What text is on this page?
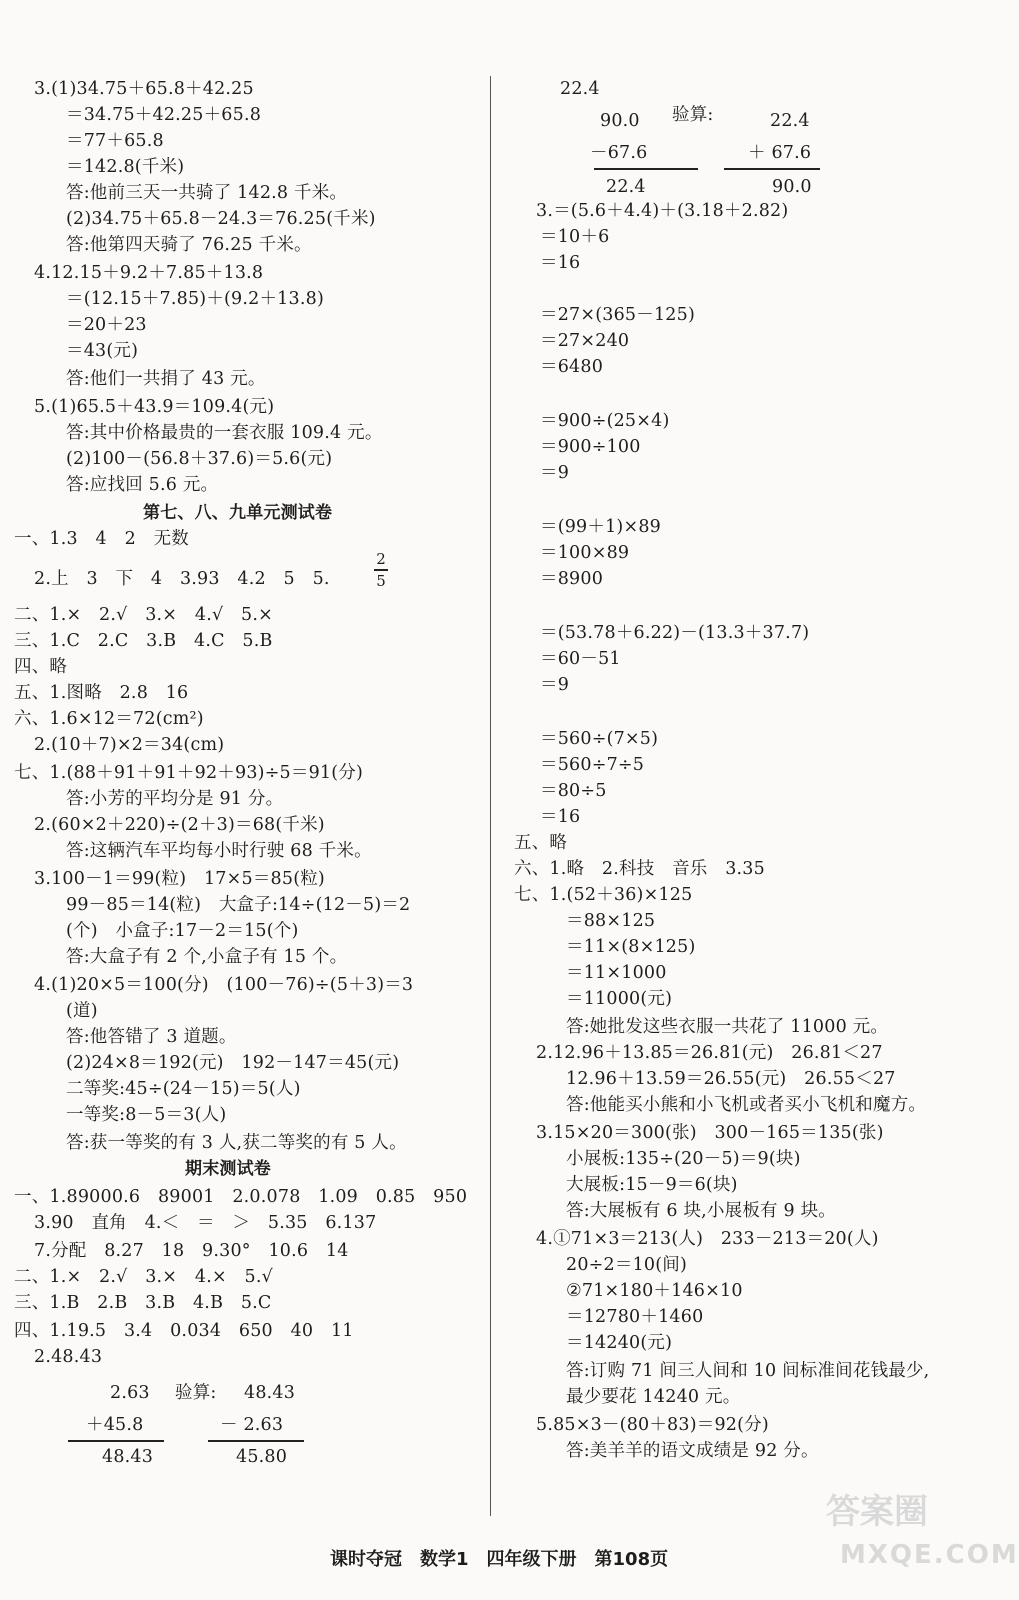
3.(1)34.75＋65.8＋42.25
＝34.75＋42.25＋65.8
＝77＋65.8
＝142.8(千米)
答:他前三天一共骑了 142.8 千米。
(2)34.75＋65.8－24.3＝76.25(千米)
答:他第四天骑了 76.25 千米。
4.12.15＋9.2＋7.85＋13.8
＝(12.15＋7.85)＋(9.2＋13.8)
＝20＋23
＝43(元)
答:他们一共捐了 43 元。
5.(1)65.5＋43.9＝109.4(元)
答:其中价格最贵的一套衣服 109.4 元。
(2)100－(56.8＋37.6)＝5.6(元)
答:应找回 5.6 元。
第七、八、九单元测试卷
一、1.3　4　2　无数
2.上　3　下　4　3.93　4.2　5　5.
二、1.×　2.√　3.×　4.√　5.×
三、1.C　2.C　3.B　4.C　5.B
四、略
五、1.图略　2.8　16
六、1.6×12＝72(cm²)
2.(10＋7)×2＝34(cm)
七、1.(88＋91＋91＋92＋93)÷5＝91(分)
答:小芳的平均分是 91 分。
2.(60×2＋220)÷(2＋3)＝68(千米)
答:这辆汽车平均每小时行驶 68 千米。
3.100－1＝99(粒)　17×5＝85(粒)
99－85＝14(粒)　大盒子:14÷(12－5)＝2
(个)　小盒子:17－2＝15(个)
答:大盒子有 2 个,小盒子有 15 个。
4.(1)20×5＝100(分)　(100－76)÷(5＋3)＝3
(道)
答:他答错了 3 道题。
(2)24×8＝192(元)　192－147＝45(元)
二等奖:45÷(24－15)＝5(人)
一等奖:8－5＝3(人)
答:获一等奖的有 3 人,获二等奖的有 5 人。
期末测试卷
一、1.89000.6　89001　2.0.078　1.09　0.85　950
3.90　直角　4.＜　＝　＞　5.35　6.137
7.分配　8.27　18　9.30°　10.6　14
二、1.×　2.√　3.×　4.×　5.√
三、1.B　2.B　3.B　4.B　5.C
四、1.19.5　3.4　0.034　650　40　11
2.48.43
2.63 验算: 48.43
＋45.8	－ 2.63
48.43	45.80
22.4
90.0 验算:	22.4
－67.6	＋ 67.6
22.4	90.0
3.＝(5.6＋4.4)＋(3.18＋2.82)
＝10＋6
＝16
＝27×(365－125)
＝27×240
＝6480
＝900÷(25×4)
＝900÷100
＝9
＝(99＋1)×89
＝100×89
＝8900
＝(53.78＋6.22)－(13.3＋37.7)
＝60－51
＝9
＝560÷(7×5)
＝560÷7÷5
＝80÷5
＝16
五、略
六、1.略　2.科技　音乐　3.35
七、1.(52＋36)×125
＝88×125
＝11×(8×125)
＝11×1000
＝11000(元)
答:她批发这些衣服一共花了 11000 元。
2.12.96＋13.85＝26.81(元)　26.81＜27
12.96＋13.59＝26.55(元)　26.55＜27
答:他能买小熊和小飞机或者买小飞机和魔方。
3.15×20＝300(张)　300－165＝135(张)
小展板:135÷(20－5)＝9(块)
大展板:15－9＝6(块)
答:大展板有 6 块,小展板有 9 块。
4.①71×3＝213(人)　233－213＝20(人)
20÷2＝10(间)
②71×180＋146×10
＝12780＋1460
＝14240(元)
答:订购 71 间三人间和 10 间标准间花钱最少,
最少要花 14240 元。
5.85×3－(80＋83)＝92(分)
答:美羊羊的语文成绩是 92 分。
2
5
课时夺冠　数学1　四年级下册　第108页
答案圈
MXQE.COM
